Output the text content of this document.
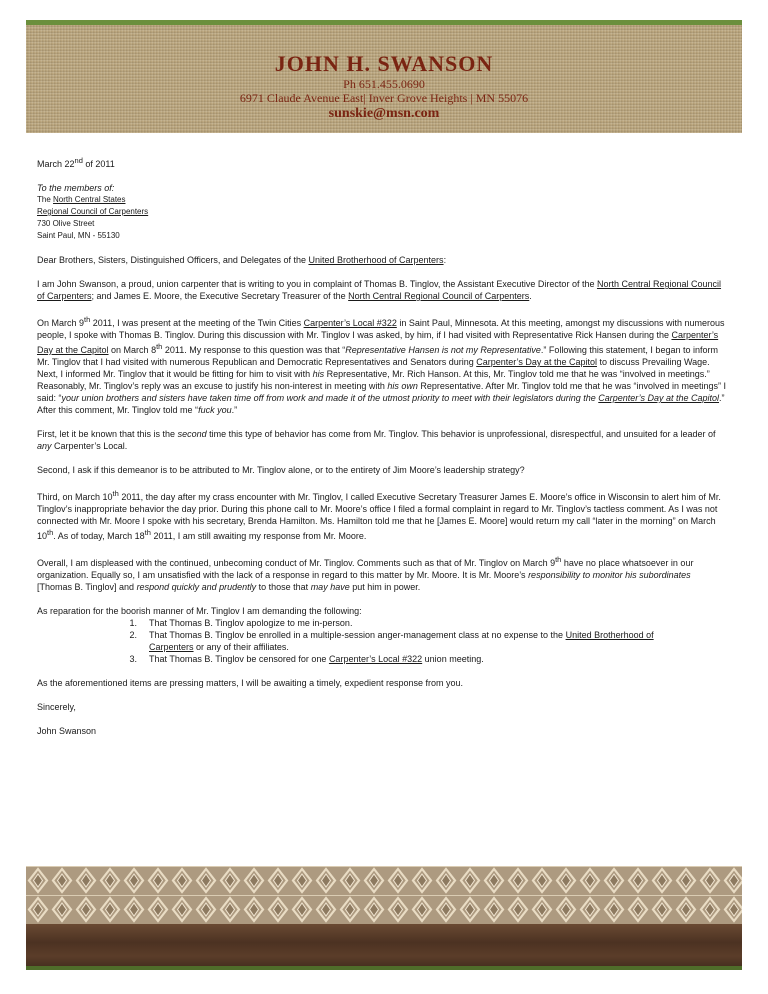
JOHN H. SWANSON
Ph 651.455.0690
6971 Claude Avenue East| Inver Grove Heights | MN 55076
sunskie@msn.com

March 22nd of 2011

To the members of:
The North Central States
Regional Council of Carpenters
730 Olive Street
Saint Paul, MN - 55130

Dear Brothers, Sisters, Distinguished Officers, and Delegates of the United Brotherhood of Carpenters:

I am John Swanson, a proud, union carpenter that is writing to you in complaint of Thomas B. Tinglov, the Assistant Executive Director of the North Central Regional Council of Carpenters; and James E. Moore, the Executive Secretary Treasurer of the North Central Regional Council of Carpenters.

On March 9th 2011, I was present at the meeting of the Twin Cities Carpenter’s Local #322 in Saint Paul, Minnesota. At this meeting, amongst my discussions with numerous people, I spoke with Thomas B. Tinglov. During this discussion with Mr. Tinglov I was asked, by him, if I had visited with Representative Rick Hansen during the Carpenter’s Day at the Capitol on March 8th 2011. My response to this question was that “Representative Hansen is not my Representative.” Following this statement, I began to inform Mr. Tinglov that I had visited with numerous Republican and Democratic Representatives and Senators during Carpenter’s Day at the Capitol to discuss Prevailing Wage. Next, I informed Mr. Tinglov that it would be fitting for him to visit with his Representative, Mr. Rich Hanson. At this, Mr. Tinglov told me that he was “involved in meetings.” Reasonably, Mr. Tinglov’s reply was an excuse to justify his non-interest in meeting with his own Representative. After Mr. Tinglov told me that he was “involved in meetings” I said: “your union brothers and sisters have taken time off from work and made it of the utmost priority to meet with their legislators during the Carpenter’s Day at the Capitol.” After this comment, Mr. Tinglov told me “fuck you.”

First, let it be known that this is the second time this type of behavior has come from Mr. Tinglov. This behavior is unprofessional, disrespectful, and unsuited for a leader of any Carpenter’s Local.

Second, I ask if this demeanor is to be attributed to Mr. Tinglov alone, or to the entirety of Jim Moore’s leadership strategy?

Third, on March 10th 2011, the day after my crass encounter with Mr. Tinglov, I called Executive Secretary Treasurer James E. Moore’s office in Wisconsin to alert him of Mr. Tinglov’s inappropriate behavior the day prior. During this phone call to Mr. Moore’s office I filed a formal complaint in regard to Mr. Tinglov’s tactless comment. As I was not connected with Mr. Moore I spoke with his secretary, Brenda Hamilton. Ms. Hamilton told me that he [James E. Moore] would return my call “later in the morning” on March 10th. As of today, March 18th 2011, I am still awaiting my response from Mr. Moore.

Overall, I am displeased with the continued, unbecoming conduct of Mr. Tinglov. Comments such as that of Mr. Tinglov on March 9th have no place whatsoever in our organization. Equally so, I am unsatisfied with the lack of a response in regard to this matter by Mr. Moore. It is Mr. Moore’s responsibility to monitor his subordinates [Thomas B. Tinglov] and respond quickly and prudently to those that may have put him in power.

As reparation for the boorish manner of Mr. Tinglov I am demanding the following:

1.	That Thomas B. Tinglov apologize to me in-person.
2.	That Thomas B. Tinglov be enrolled in a multiple-session anger-management class at no expense to the United Brotherhood of Carpenters or any of their affiliates.
3.	That Thomas B. Tinglov be censored for one Carpenter’s Local #322 union meeting.

As the aforementioned items are pressing matters, I will be awaiting a timely, expedient response from you.

Sincerely,

John Swanson
